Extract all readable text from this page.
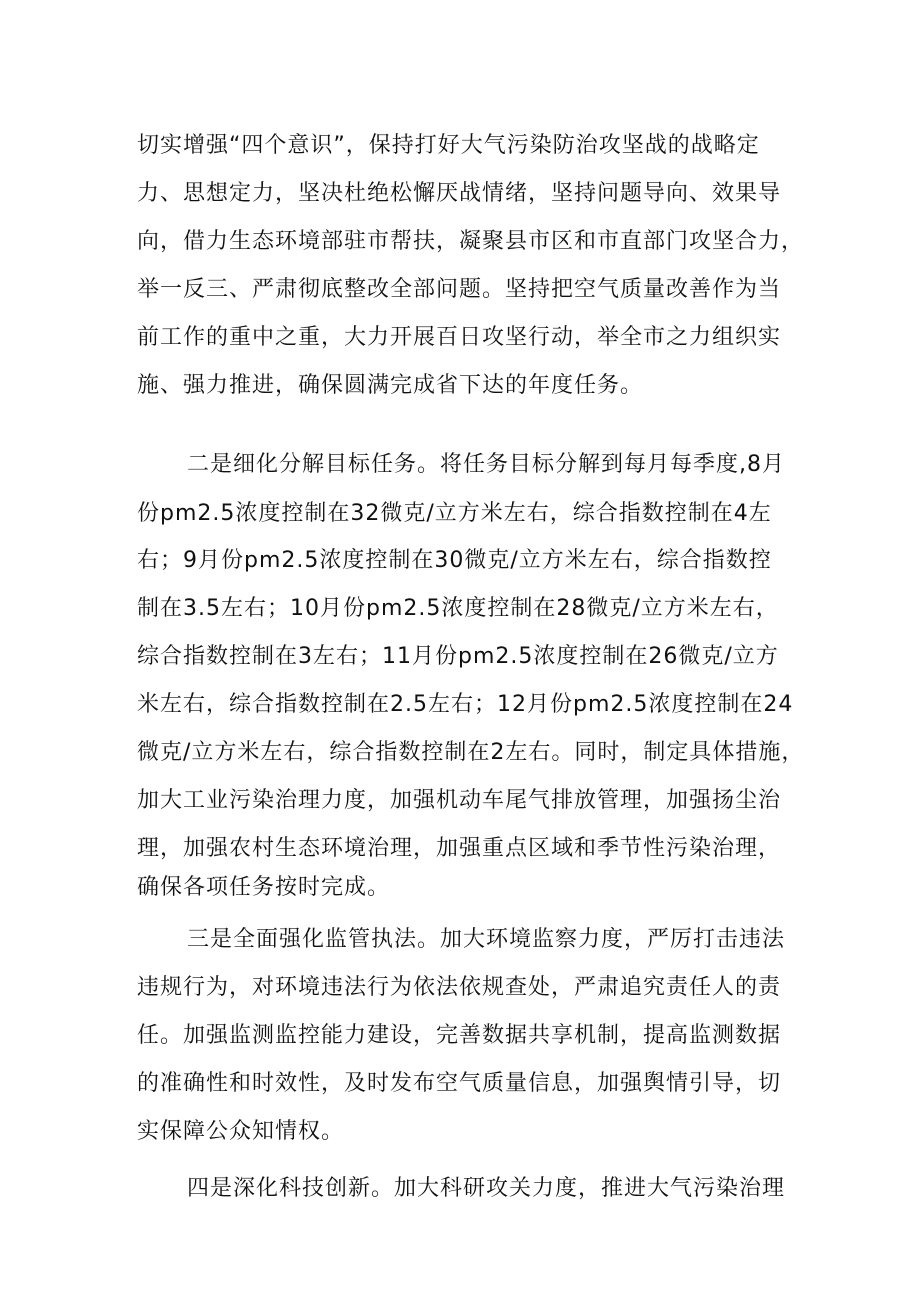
切实增强“四个意识”，保持打好大气污染防治攻坚战的战略定
力、思想定力，坚决杜绝松懈厌战情绪，坚持问题导向、效果导
向，借力生态环境部驻市帮扶，凝聚县市区和市直部门攻坚合力，
举一反三、严肃彻底整改全部问题。坚持把空气质量改善作为当
前工作的重中之重，大力开展百日攻坚行动，举全市之力组织实
施、强力推进，确保圆满完成省下达的年度任务。
二是细化分解目标任务。将任务目标分解到每月每季度,8月
份pm2.5浓度控制在32微克/立方米左右，综合指数控制在4左
右；9月份pm2.5浓度控制在30微克/立方米左右，综合指数控
制在3.5左右；10月份pm2.5浓度控制在28微克/立方米左右，
综合指数控制在3左右；11月份pm2.5浓度控制在26微克/立方
米左右，综合指数控制在2.5左右；12月份pm2.5浓度控制在24
微克/立方米左右，综合指数控制在2左右。同时，制定具体措施，
加大工业污染治理力度，加强机动车尾气排放管理，加强扬尘治
理，加强农村生态环境治理，加强重点区域和季节性污染治理，
确保各项任务按时完成。
三是全面强化监管执法。加大环境监察力度，严厉打击违法
违规行为，对环境违法行为依法依规查处，严肃追究责任人的责
任。加强监测监控能力建设，完善数据共享机制，提高监测数据
的准确性和时效性，及时发布空气质量信息，加强舆情引导，切
实保障公众知情权。
四是深化科技创新。加大科研攻关力度，推进大气污染治理
